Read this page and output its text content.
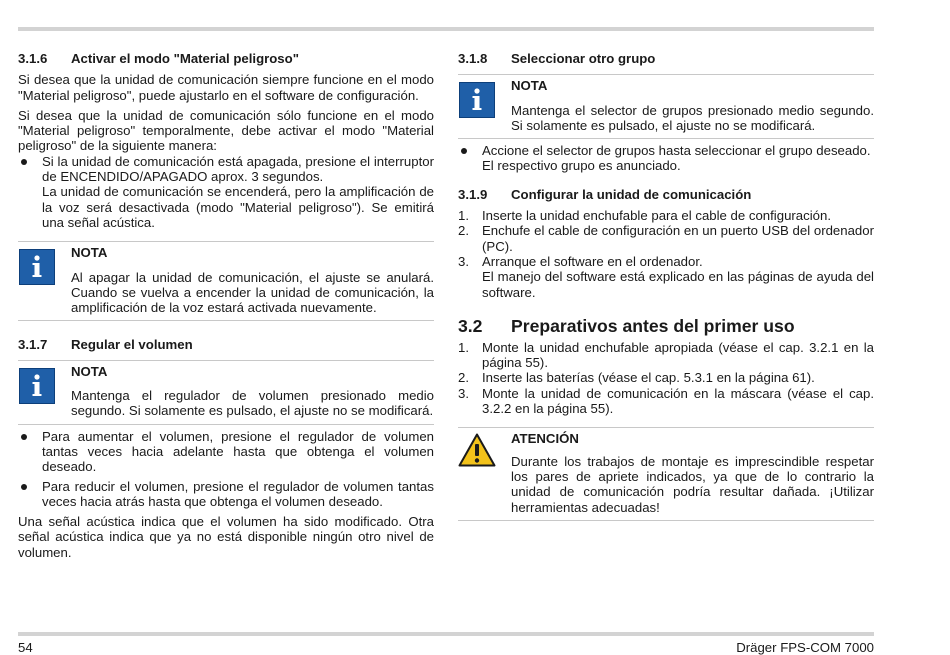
3.1.6	Activar el modo "Material peligroso"

Si desea que la unidad de comunicación siempre funcione en el modo "Material peligroso", puede ajustarlo en el software de configuración.

Si desea que la unidad de comunicación sólo funcione en el modo "Material peligroso" temporalmente, debe activar el modo "Material peligroso" de la siguiente manera:

Si la unidad de comunicación está apagada, presione el interruptor de ENCENDIDO/APAGADO aprox. 3 segundos.
La unidad de comunicación se encenderá, pero la amplificación de la voz será desactivada (modo "Material peligroso"). Se emitirá una señal acústica.
NOTA

Al apagar la unidad de comunicación, el ajuste se anulará. Cuando se vuelva a encender la unidad de comunicación, la amplificación de la voz estará activada nuevamente.

3.1.7	Regular el volumen
NOTA

Mantenga el regulador de volumen presionado medio segundo. Si solamente es pulsado, el ajuste no se modificará.

Para aumentar el volumen, presione el regulador de volumen tantas veces hacia adelante hasta que obtenga el volumen deseado.
Para reducir el volumen, presione el regulador de volumen tantas veces hacia atrás hasta que obtenga el volumen deseado.

Una señal acústica indica que el volumen ha sido modificado. Otra señal acústica indica que ya no está disponible ningún otro nivel de volumen.

3.1.8	Seleccionar otro grupo
NOTA

Mantenga el selector de grupos presionado medio segundo. Si solamente es pulsado, el ajuste no se modificará.

Accione el selector de grupos hasta seleccionar el grupo deseado.
El respectivo grupo es anunciado.
3.1.9	Configurar la unidad de comunicación
1. Inserte la unidad enchufable para el cable de configuración.
2. Enchufe el cable de configuración en un puerto USB del ordenador (PC).
3. Arranque el software en el ordenador.
El manejo del software está explicado en las páginas de ayuda del software.
3.2	Preparativos antes del primer uso
1. Monte la unidad enchufable apropiada (véase el cap. 3.2.1 en la página 55).
2. Inserte las baterías (véase el cap. 5.3.1 en la página 61).
3. Monte la unidad de comunicación en la máscara (véase el cap. 3.2.2 en la página 55).
ATENCIÓN

Durante los trabajos de montaje es imprescindible respetar los pares de apriete indicados, ya que de lo contrario la unidad de comunicación podría resultar dañada. ¡Utilizar herramientas adecuadas!

54	Dräger FPS-COM 7000
